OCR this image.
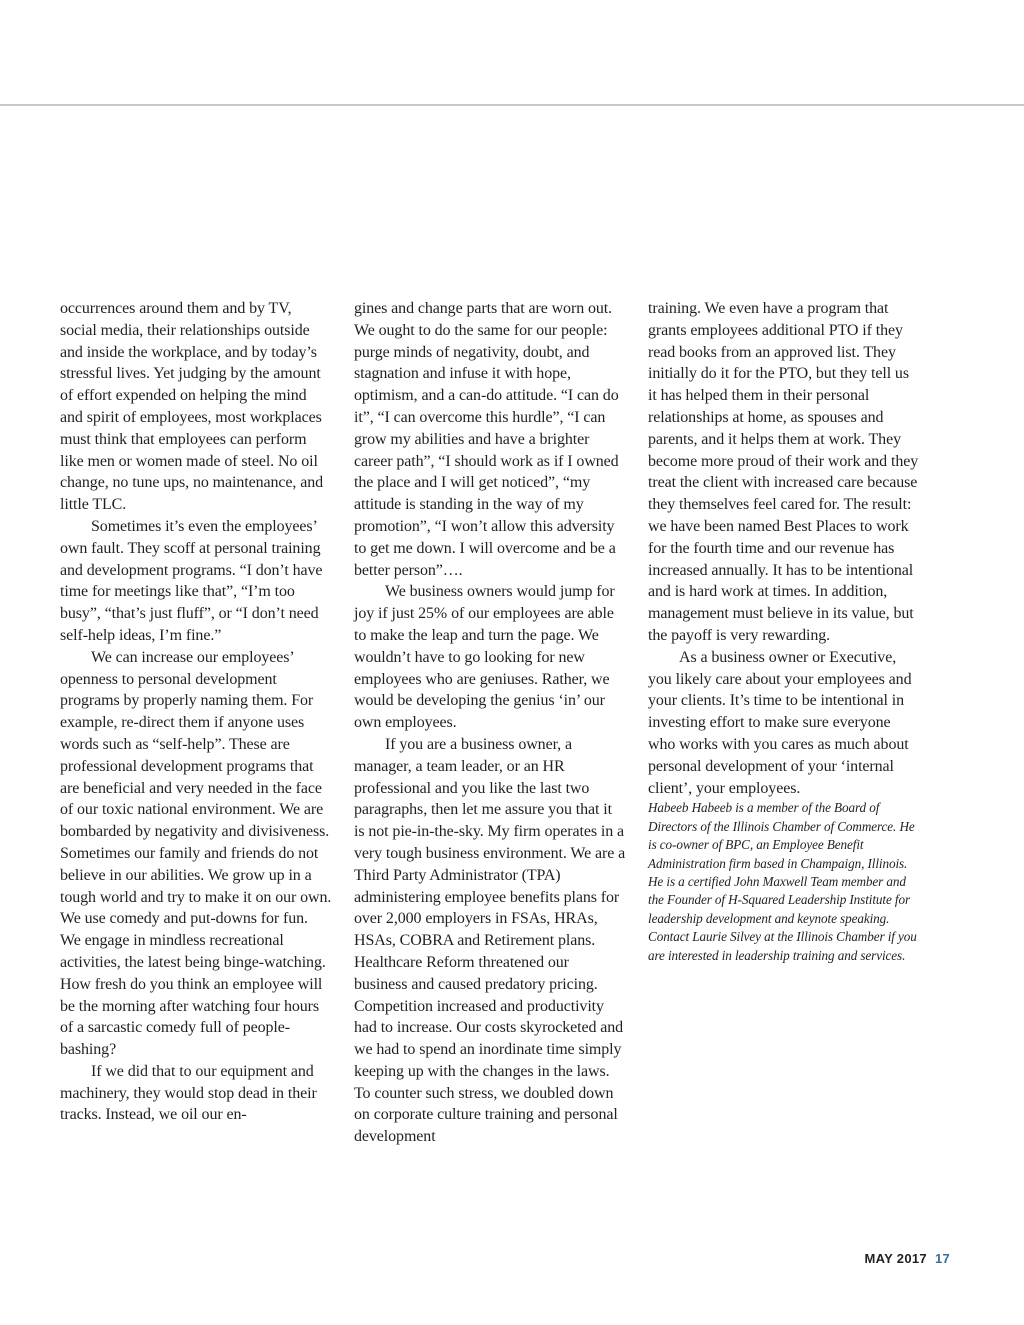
occurrences around them and by TV, social media, their relationships outside and inside the workplace, and by today’s stressful lives. Yet judging by the amount of effort expended on helping the mind and spirit of employees, most workplaces must think that employees can perform like men or women made of steel. No oil change, no tune ups, no maintenance, and little TLC.

Sometimes it’s even the employees’ own fault. They scoff at personal training and development programs. “I don’t have time for meetings like that”, “I’m too busy”, “that’s just fluff”, or “I don’t need self-help ideas, I’m fine.”

We can increase our employees’ openness to personal development programs by properly naming them. For example, re-direct them if anyone uses words such as “self-help”. These are professional development programs that are beneficial and very needed in the face of our toxic national environment. We are bombarded by negativity and divisiveness. Sometimes our family and friends do not believe in our abilities. We grow up in a tough world and try to make it on our own. We use comedy and put-downs for fun. We engage in mindless recreational activities, the latest being binge-watching. How fresh do you think an employee will be the morning after watching four hours of a sarcastic comedy full of people-bashing?

If we did that to our equipment and machinery, they would stop dead in their tracks. Instead, we oil our en-

gines and change parts that are worn out. We ought to do the same for our people: purge minds of negativity, doubt, and stagnation and infuse it with hope, optimism, and a can-do attitude. “I can do it”, “I can overcome this hurdle”, “I can grow my abilities and have a brighter career path”, “I should work as if I owned the place and I will get noticed”, “my attitude is standing in the way of my promotion”, “I won’t allow this adversity to get me down. I will overcome and be a better person”….

We business owners would jump for joy if just 25% of our employees are able to make the leap and turn the page. We wouldn’t have to go looking for new employees who are geniuses. Rather, we would be developing the genius ‘in’ our own employees.

If you are a business owner, a manager, a team leader, or an HR professional and you like the last two paragraphs, then let me assure you that it is not pie-in-the-sky. My firm operates in a very tough business environment. We are a Third Party Administrator (TPA) administering employee benefits plans for over 2,000 employers in FSAs, HRAs, HSAs, COBRA and Retirement plans. Healthcare Reform threatened our business and caused predatory pricing. Competition increased and productivity had to increase. Our costs skyrocketed and we had to spend an inordinate time simply keeping up with the changes in the laws. To counter such stress, we doubled down on corporate culture training and personal development

training. We even have a program that grants employees additional PTO if they read books from an approved list. They initially do it for the PTO, but they tell us it has helped them in their personal relationships at home, as spouses and parents, and it helps them at work. They become more proud of their work and they treat the client with increased care because they themselves feel cared for. The result: we have been named Best Places to work for the fourth time and our revenue has increased annually. It has to be intentional and is hard work at times. In addition, management must believe in its value, but the payoff is very rewarding.

As a business owner or Executive, you likely care about your employees and your clients. It’s time to be intentional in investing effort to make sure everyone who works with you cares as much about personal development of your ‘internal client’, your employees.

Habeeb Habeeb is a member of the Board of Directors of the Illinois Chamber of Commerce. He is co-owner of BPC, an Employee Benefit Administration firm based in Champaign, Illinois. He is a certified John Maxwell Team member and the Founder of H-Squared Leadership Institute for leadership development and keynote speaking. Contact Laurie Silvey at the Illinois Chamber if you are interested in leadership training and services.

MAY 2017 17
